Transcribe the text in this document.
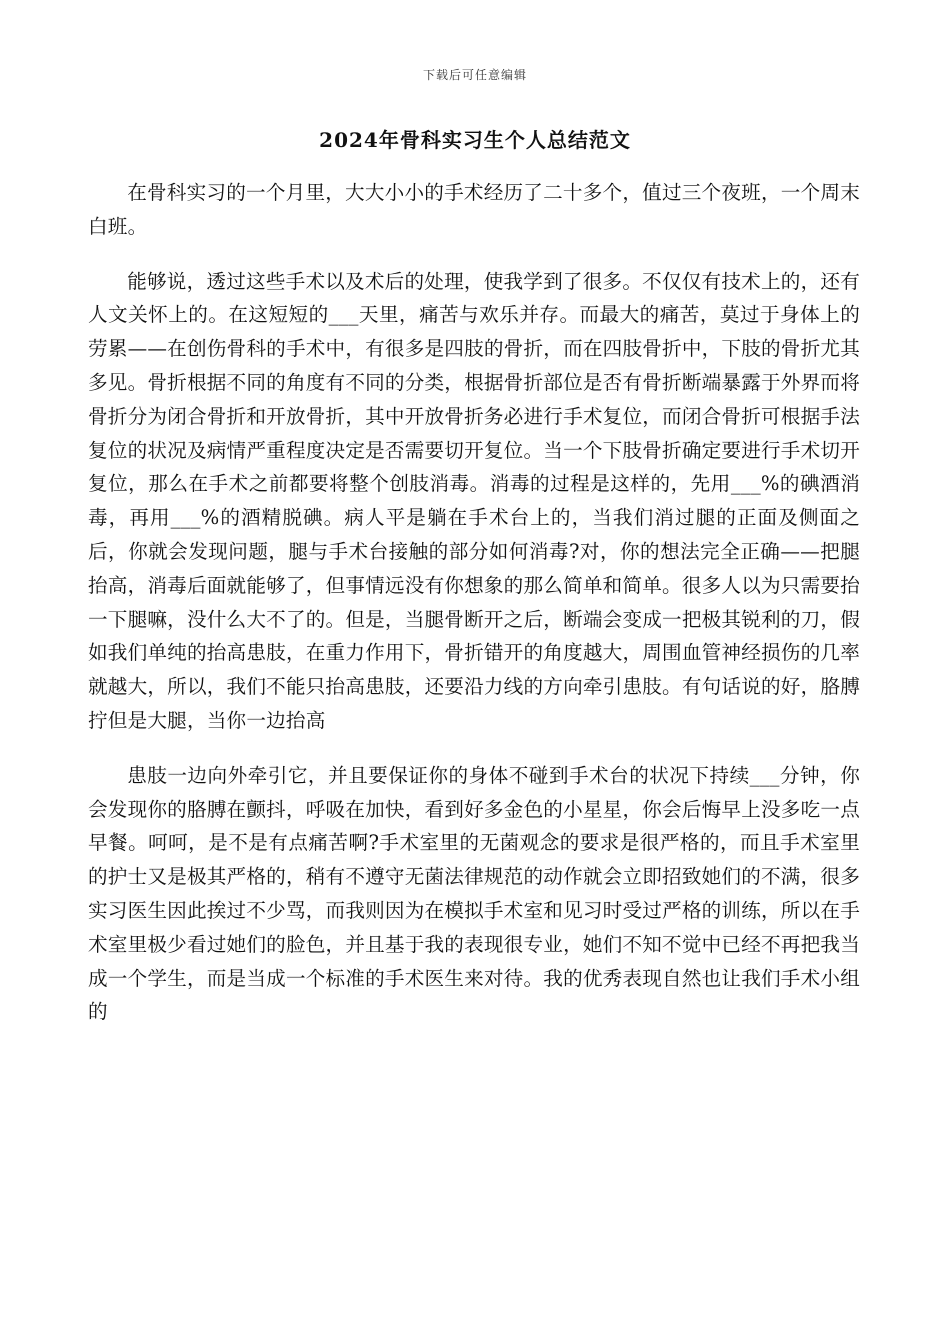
下载后可任意编辑
2024年骨科实习生个人总结范文

在骨科实习的一个月里，大大小小的手术经历了二十多个，值过三个夜班，一个周末白班。

能够说，透过这些手术以及术后的处理，使我学到了很多。不仅仅有技术上的，还有人文关怀上的。在这短短的___天里，痛苦与欢乐并存。而最大的痛苦，莫过于身体上的劳累——在创伤骨科的手术中，有很多是四肢的骨折，而在四肢骨折中，下肢的骨折尤其多见。骨折根据不同的角度有不同的分类，根据骨折部位是否有骨折断端暴露于外界而将骨折分为闭合骨折和开放骨折，其中开放骨折务必进行手术复位，而闭合骨折可根据手法复位的状况及病情严重程度决定是否需要切开复位。当一个下肢骨折确定要进行手术切开复位，那么在手术之前都要将整个创肢消毒。消毒的过程是这样的，先用___%的碘酒消毒，再用___%的酒精脱碘。病人平是躺在手术台上的，当我们消过腿的正面及侧面之后，你就会发现问题，腿与手术台接触的部分如何消毒?对，你的想法完全正确——把腿抬高，消毒后面就能够了，但事情远没有你想象的那么简单和简单。很多人以为只需要抬一下腿嘛，没什么大不了的。但是，当腿骨断开之后，断端会变成一把极其锐利的刀，假如我们单纯的抬高患肢，在重力作用下，骨折错开的角度越大，周围血管神经损伤的几率就越大，所以，我们不能只抬高患肢，还要沿力线的方向牵引患肢。有句话说的好，胳膊拧但是大腿，当你一边抬高

患肢一边向外牵引它，并且要保证你的身体不碰到手术台的状况下持续___分钟，你会发现你的胳膊在颤抖，呼吸在加快，看到好多金色的小星星，你会后悔早上没多吃一点早餐。呵呵，是不是有点痛苦啊?手术室里的无菌观念的要求是很严格的，而且手术室里的护士又是极其严格的，稍有不遵守无菌法律规范的动作就会立即招致她们的不满，很多实习医生因此挨过不少骂，而我则因为在模拟手术室和见习时受过严格的训练，所以在手术室里极少看过她们的脸色，并且基于我的表现很专业，她们不知不觉中已经不再把我当成一个学生，而是当成一个标准的手术医生来对待。我的优秀表现自然也让我们手术小组的
